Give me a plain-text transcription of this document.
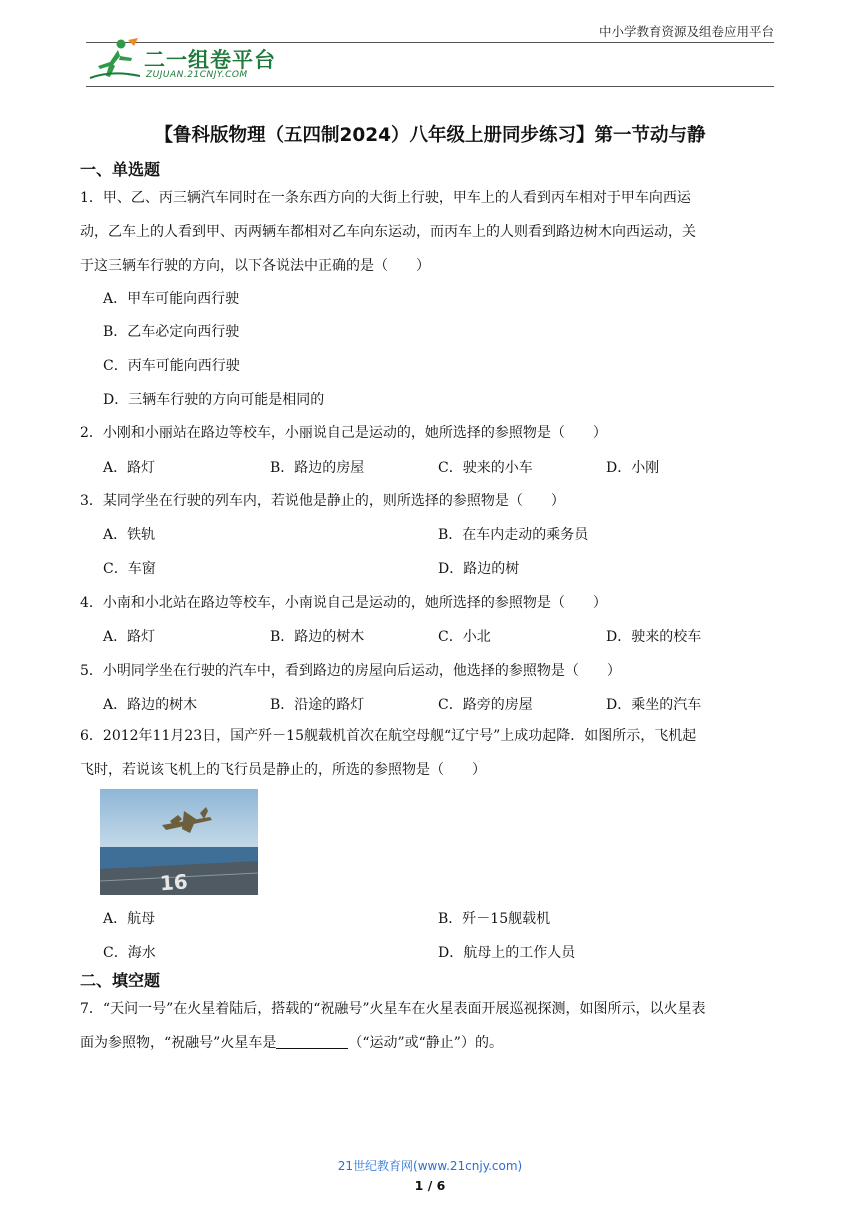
中小学教育资源及组卷应用平台
二一组卷平台
ZUJUAN.21CNJY.COM
【鲁科版物理（五四制2024）八年级上册同步练习】第一节动与静
一、单选题
1．甲、乙、丙三辆汽车同时在一条东西方向的大街上行驶，甲车上的人看到丙车相对于甲车向西运
动，乙车上的人看到甲、丙两辆车都相对乙车向东运动，而丙车上的人则看到路边树木向西运动，关
于这三辆车行驶的方向，以下各说法中正确的是（　　）
A．甲车可能向西行驶
B．乙车必定向西行驶
C．丙车可能向西行驶
D．三辆车行驶的方向可能是相同的
2．小刚和小丽站在路边等校车，小丽说自己是运动的，她所选择的参照物是（　　）
A．路灯	B．路边的房屋	C．驶来的小车	D．小刚
3．某同学坐在行驶的列车内，若说他是静止的，则所选择的参照物是（　　）
A．铁轨	B．在车内走动的乘务员
C．车窗	D．路边的树
4．小南和小北站在路边等校车，小南说自己是运动的，她所选择的参照物是（　　）
A．路灯	B．路边的树木	C．小北	D．驶来的校车
5．小明同学坐在行驶的汽车中，看到路边的房屋向后运动，他选择的参照物是（　　）
A．路边的树木	B．沿途的路灯	C．路旁的房屋	D．乘坐的汽车
6．2012年11月23日，国产歼－15舰载机首次在航空母舰“辽宁号”上成功起降．如图所示，飞机起
飞时，若说该飞机上的飞行员是静止的，所选的参照物是（　　）
16
A．航母	B．歼－15舰载机
C．海水	D．航母上的工作人员
二、填空题
7．“天问一号”在火星着陆后，搭载的“祝融号”火星车在火星表面开展巡视探测，如图所示，以火星表
面为参照物，“祝融号”火星车是	（“运动”或“静止”）的。
21世纪教育网(www.21cnjy.com)
1 / 6
